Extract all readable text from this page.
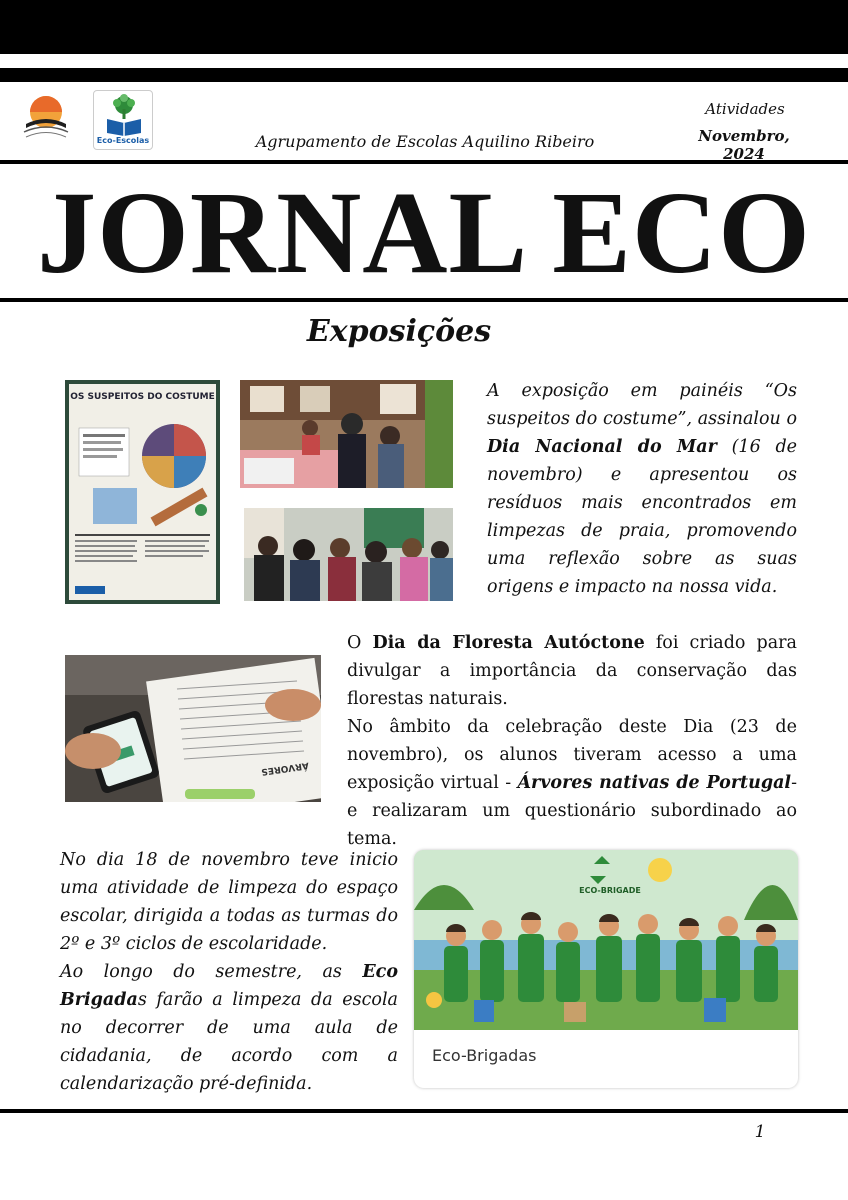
Eco-Escolas	Agrupamento de Escolas Aquilino Ribeiro
Atividades
Novembro, 2024
JORNAL ECO
Exposições
OS SUSPEITOS DO COSTUME
ÁRVORES
ECO-BRIGADE
Eco-Brigadas
A exposição em painéis “Os suspeitos do costume”, assinalou o Dia Nacional do Mar (16 de novembro) e apresentou os resíduos mais encontrados em limpezas de praia, promovendo uma reflexão sobre as suas origens e impacto na nossa vida.
O Dia da Floresta Autóctone foi criado para divulgar a importância da conservação das florestas naturais.
No âmbito da celebração deste Dia (23 de novembro), os alunos tiveram acesso a uma exposição virtual - Árvores nativas de Portugal- e realizaram um questionário subordinado ao tema.
No dia 18 de novembro teve inicio uma atividade de limpeza do espaço escolar, dirigida a todas as turmas do 2º e 3º ciclos de escolaridade.
Ao longo do semestre, as Eco Brigadas farão a limpeza da escola no decorrer de uma aula de cidadania, de acordo com a calendarização pré-definida.
1
